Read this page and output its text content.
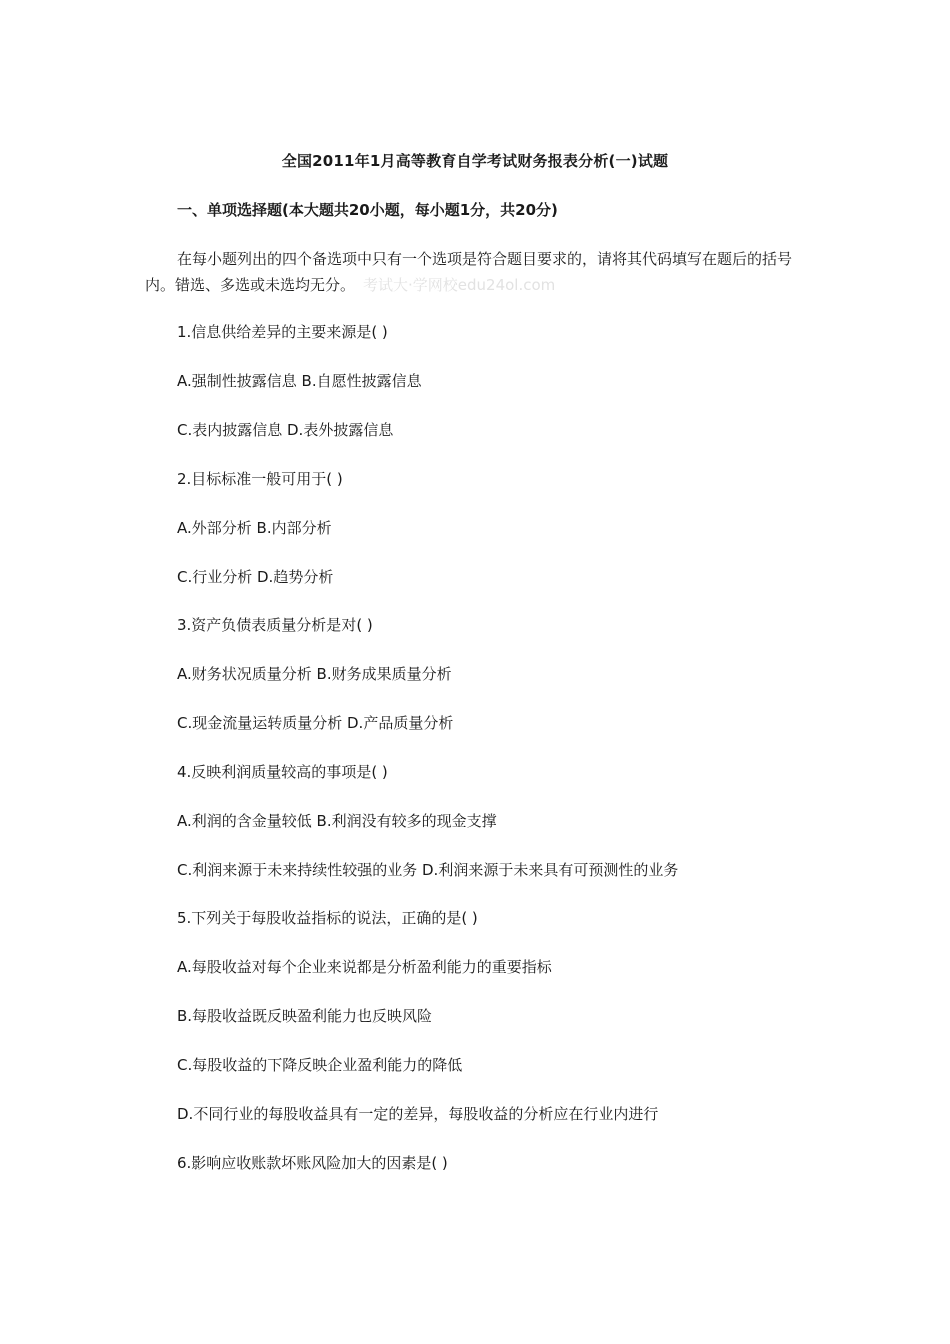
全国2011年1月高等教育自学考试财务报表分析(一)试题
一、单项选择题(本大题共20小题，每小题1分，共20分)
在每小题列出的四个备选项中只有一个选项是符合题目要求的，请将其代码填写在题后的括号内。错选、多选或未选均无分。 考试大·学网校edu24ol.com
1.信息供给差异的主要来源是( )
A.强制性披露信息 B.自愿性披露信息
C.表内披露信息 D.表外披露信息
2.目标标准一般可用于( )
A.外部分析 B.内部分析
C.行业分析 D.趋势分析
3.资产负债表质量分析是对( )
A.财务状况质量分析 B.财务成果质量分析
C.现金流量运转质量分析 D.产品质量分析
4.反映利润质量较高的事项是( )
A.利润的含金量较低 B.利润没有较多的现金支撑
C.利润来源于未来持续性较强的业务 D.利润来源于未来具有可预测性的业务
5.下列关于每股收益指标的说法，正确的是( )
A.每股收益对每个企业来说都是分析盈利能力的重要指标
B.每股收益既反映盈利能力也反映风险
C.每股收益的下降反映企业盈利能力的降低
D.不同行业的每股收益具有一定的差异，每股收益的分析应在行业内进行
6.影响应收账款坏账风险加大的因素是( )
